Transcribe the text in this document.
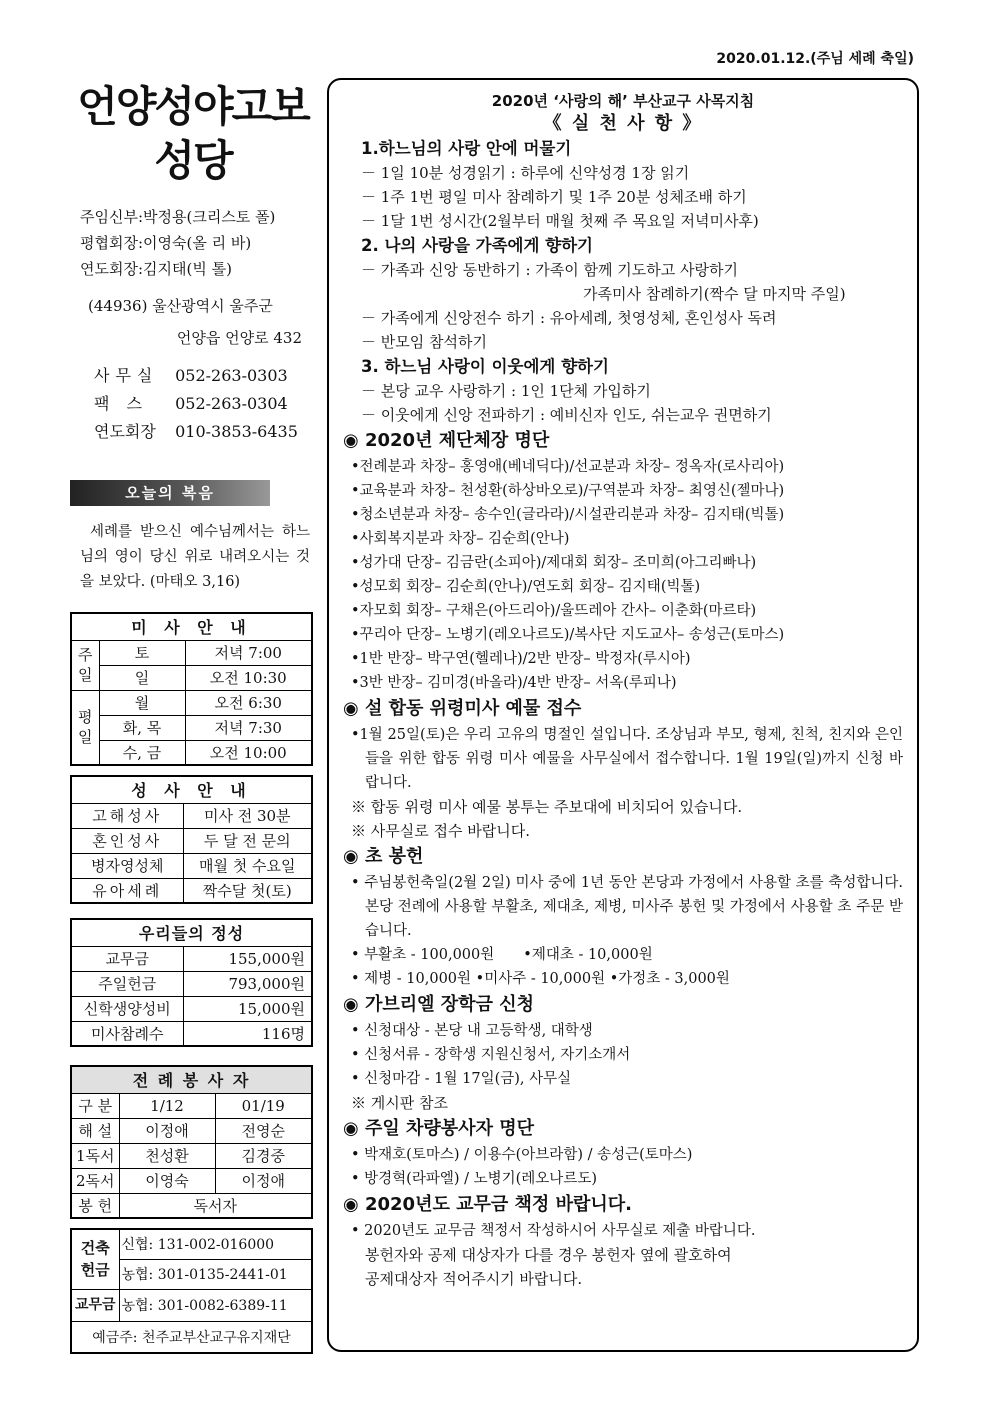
2020.01.12.(주님 세례 축일)
언양성야고보
성당
주임신부:박정용(크리스토 폴)
평협회장:이영숙(올 리 바)
연도회장:김지태(빅 톨)
(44936) 울산광역시 울주군
언양읍 언양로 432
사무실 052-263-0303
팩 스 052-263-0304
연도회장 010-3853-6435
오늘의 복음
세례를 받으신 예수님께서는 하느님의 영이 당신 위로 내려오시는 것을 보았다. (마태오 3,16)
미 사 안 내		
주일	토	저녁 7:00
	일	오전 10:30
평일	월	오전 6:30
	화, 목	저녁 7:30
	수, 금	오전 10:00
성 사 안 내	
고해성사	미사 전 30분
혼인성사	두 달 전 문의
병자영성체	매월 첫 수요일
유아세례	짝수달 첫(토)
우리들의 정성	
교무금	155,000원
주일헌금	793,000원
신학생양성비	15,000원
미사참례수	116명
전 례 봉 사 자		
구 분	1/12	01/19
해 설	이정애	전영순
1독서	천성환	김경중
2독서	이영숙	이정애
봉 헌	독서자	
건축헌금	신협: 131-002-016000
	농협: 301-0135-2441-01
교무금	농협: 301-0082-6389-11
예금주: 천주교부산교구유지재단	
2020년 ‘사랑의 해’ 부산교구 사목지침
《 실 천 사 항 》
1.하느님의 사랑 안에 머물기
－ 1일 10분 성경읽기 : 하루에 신약성경 1장 읽기
－ 1주 1번 평일 미사 참례하기 및 1주 20분 성체조배 하기
－ 1달 1번 성시간(2월부터 매월 첫째 주 목요일 저녁미사후)
2. 나의 사랑을 가족에게 향하기
－ 가족과 신앙 동반하기 : 가족이 함께 기도하고 사랑하기
가족미사 참례하기(짝수 달 마지막 주일)
－ 가족에게 신앙전수 하기 : 유아세례, 첫영성체, 혼인성사 독려
－ 반모임 참석하기
3. 하느님 사랑이 이웃에게 향하기
－ 본당 교우 사랑하기 : 1인 1단체 가입하기
－ 이웃에게 신앙 전파하기 : 예비신자 인도, 쉬는교우 권면하기
◉ 2020년 제단체장 명단
•전례분과 차장– 홍영애(베네딕다)/선교분과 차장– 정옥자(로사리아)
•교육분과 차장– 천성환(하상바오로)/구역분과 차장– 최영신(젤마나)
•청소년분과 차장– 송수인(글라라)/시설관리분과 차장– 김지태(빅톨)
•사회복지분과 차장– 김순희(안나)
•성가대 단장– 김금란(소피아)/제대회 회장– 조미희(아그리빠나)
•성모회 회장– 김순희(안나)/연도회 회장– 김지태(빅톨)
•자모회 회장– 구채은(아드리아)/울뜨레아 간사– 이춘화(마르타)
•꾸리아 단장– 노병기(레오나르도)/복사단 지도교사– 송성근(토마스)
•1반 반장– 박구연(헬레나)/2반 반장– 박정자(루시아)
•3반 반장– 김미경(바올라)/4반 반장– 서옥(루피나)
◉ 설 합동 위령미사 예물 접수
•1월 25일(토)은 우리 고유의 명절인 설입니다. 조상님과 부모, 형제, 친척, 친지와 은인들을 위한 합동 위령 미사 예물을 사무실에서 접수합니다. 1월 19일(일)까지 신청 바랍니다.
※ 합동 위령 미사 예물 봉투는 주보대에 비치되어 있습니다.
※ 사무실로 접수 바랍니다.
◉ 초 봉헌
• 주님봉헌축일(2월 2일) 미사 중에 1년 동안 본당과 가정에서 사용할 초를 축성합니다. 본당 전례에 사용할 부활초, 제대초, 제병, 미사주 봉헌 및 가정에서 사용할 초 주문 받습니다.
• 부활초 - 100,000원　　•제대초 - 10,000원
• 제병 - 10,000원 •미사주 - 10,000원 •가정초 - 3,000원
◉ 가브리엘 장학금 신청
• 신청대상 - 본당 내 고등학생, 대학생
• 신청서류 - 장학생 지원신청서, 자기소개서
• 신청마감 - 1월 17일(금), 사무실
※ 게시판 참조
◉ 주일 차량봉사자 명단
• 박재호(토마스) / 이용수(아브라함) / 송성근(토마스)
• 방경혁(라파엘) / 노병기(레오나르도)
◉ 2020년도 교무금 책정 바랍니다.
• 2020년도 교무금 책정서 작성하시어 사무실로 제출 바랍니다.
봉헌자와 공제 대상자가 다를 경우 봉헌자 옆에 괄호하여
공제대상자 적어주시기 바랍니다.
